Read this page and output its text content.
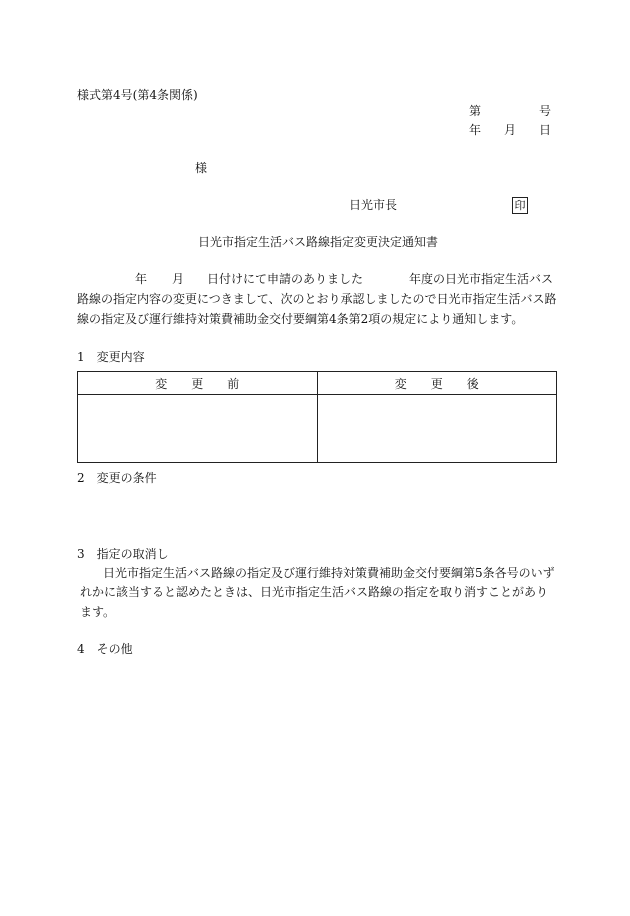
様式第4号(第4条関係)
第	号
年 月 日
様
日光市長	印
日光市指定生活バス路線指定変更決定通知書
年 月 日付けにて申請のありました	年度の日光市指定生活バス
路線の指定内容の変更につきまして、次のとおり承認しましたので日光市指定生活バス路
線の指定及び運行維持対策費補助金交付要綱第4条第2項の規定により通知します。
1　変更内容
変　　更　　前	変　　更　　後

2　変更の条件
3　指定の取消し
日光市指定生活バス路線の指定及び運行維持対策費補助金交付要綱第5条各号のいず
れかに該当すると認めたときは、日光市指定生活バス路線の指定を取り消すことがあり
ます。
4　その他
